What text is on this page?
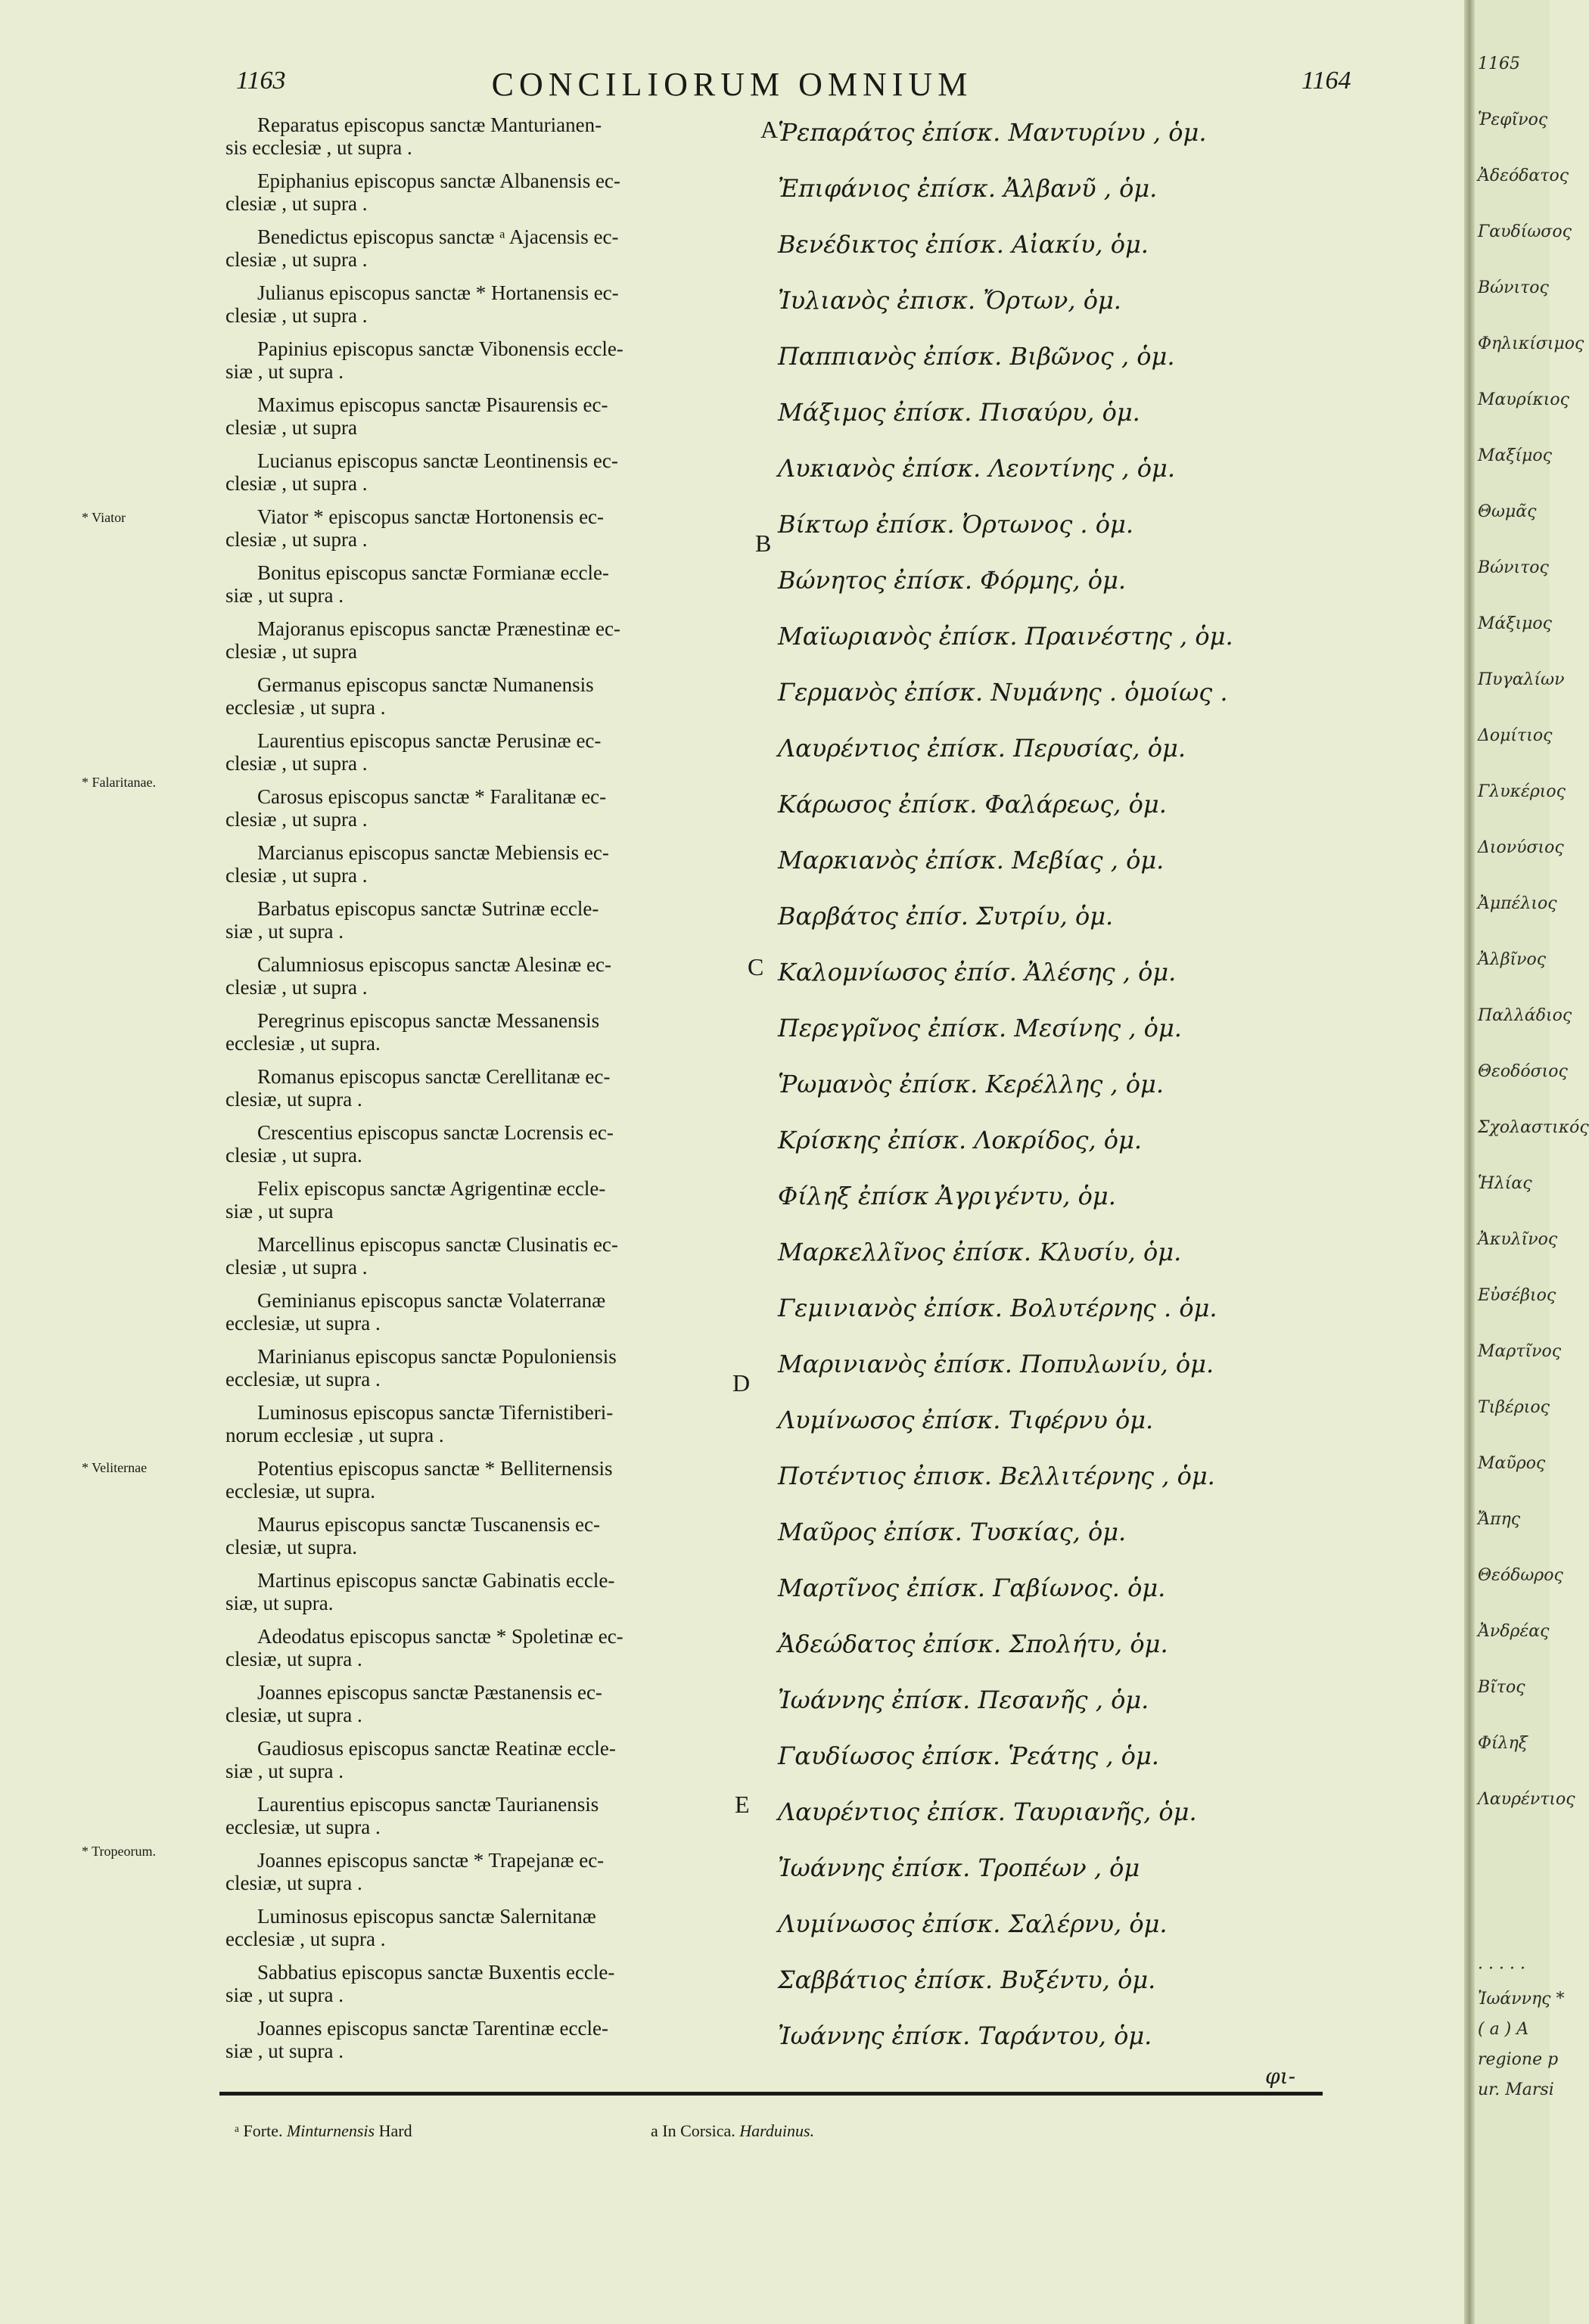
1163	CONCILIORUM OMNIUM	1164
Reparatus episcopus sanctæ Manturianen-
sis ecclesiæ , ut supra .
Ῥεπαράτος ἐπίσκ. Μαντυρίνυ , ὁμ.
Epiphanius episcopus sanctæ Albanensis ec-
clesiæ , ut supra .
Ἐπιφάνιος ἐπίσκ. Ἀλβανῦ , ὁμ.
Benedictus episcopus sanctæ ᵃ Ajacensis ec-
clesiæ , ut supra .
Βενέδικτος ἐπίσκ. Αἰακίυ, ὁμ.
Julianus episcopus sanctæ * Hortanensis ec-
clesiæ , ut supra .
Ἰυλιανὸς ἐπισκ. Ὄρτων, ὁμ.
Papinius episcopus sanctæ Vibonensis eccle-
siæ , ut supra .
Παππιανὸς ἐπίσκ. Βιβῶνος , ὁμ.
Maximus episcopus sanctæ Pisaurensis ec-
clesiæ , ut supra
Μάξιμος ἐπίσκ. Πισαύρυ, ὁμ.
Lucianus episcopus sanctæ Leontinensis ec-
clesiæ , ut supra .
Λυκιανὸς ἐπίσκ. Λεοντίνης , ὁμ.
Viator * episcopus sanctæ Hortonensis ec-
clesiæ , ut supra .
Βίκτωρ ἐπίσκ. Ὀρτωνος . ὁμ.
Bonitus episcopus sanctæ Formianæ eccle-
siæ , ut supra .
Βώνητος ἐπίσκ. Φόρμης, ὁμ.
Majoranus episcopus sanctæ Prænestinæ ec-
clesiæ , ut supra
Μαϊωριανὸς ἐπίσκ. Πραινέστης , ὁμ.
Germanus episcopus sanctæ Numanensis
ecclesiæ , ut supra .
Γερμανὸς ἐπίσκ. Νυμάνης . ὁμοίως .
Laurentius episcopus sanctæ Perusinæ ec-
clesiæ , ut supra .
Λαυρέντιος ἐπίσκ. Περυσίας, ὁμ.
Carosus episcopus sanctæ * Faralitanæ ec-
clesiæ , ut supra .
Κάρωσος ἐπίσκ. Φαλάρεως, ὁμ.
Marcianus episcopus sanctæ Mebiensis ec-
clesiæ , ut supra .
Μαρκιανὸς ἐπίσκ. Μεβίας , ὁμ.
Barbatus episcopus sanctæ Sutrinæ eccle-
siæ , ut supra .
Βαρβάτος ἐπίσ. Συτρίυ, ὁμ.
Calumniosus episcopus sanctæ Alesinæ ec-
clesiæ , ut supra .
Καλομνίωσος ἐπίσ. Ἀλέσης , ὁμ.
Peregrinus episcopus sanctæ Messanensis
ecclesiæ , ut supra.
Περεγρῖνος ἐπίσκ. Μεσίνης , ὁμ.
Romanus episcopus sanctæ Cerellitanæ ec-
clesiæ, ut supra .
Ῥωμανὸς ἐπίσκ. Κερέλλης , ὁμ.
Crescentius episcopus sanctæ Locrensis ec-
clesiæ , ut supra.
Κρίσκης ἐπίσκ. Λοκρίδος, ὁμ.
Felix episcopus sanctæ Agrigentinæ eccle-
siæ , ut supra
Φίληξ ἐπίσκ Ἀγριγέντυ, ὁμ.
Marcellinus episcopus sanctæ Clusinatis ec-
clesiæ , ut supra .
Μαρκελλῖνος ἐπίσκ. Κλυσίυ, ὁμ.
Geminianus episcopus sanctæ Volaterranæ
ecclesiæ, ut supra .
Γεμινιανὸς ἐπίσκ. Βολυτέρνης . ὁμ.
Marinianus episcopus sanctæ Populoniensis
ecclesiæ, ut supra .
Μαρινιανὸς ἐπίσκ. Ποπυλωνίυ, ὁμ.
Luminosus episcopus sanctæ Tifernistiberi-
norum ecclesiæ , ut supra .
Λυμίνωσος ἐπίσκ. Τιφέρνυ ὁμ.
Potentius episcopus sanctæ * Belliternensis
ecclesiæ, ut supra.
Ποτέντιος ἐπισκ. Βελλιτέρνης , ὁμ.
Maurus episcopus sanctæ Tuscanensis ec-
clesiæ, ut supra.
Μαῦρος ἐπίσκ. Τυσκίας, ὁμ.
Martinus episcopus sanctæ Gabinatis eccle-
siæ, ut supra.
Μαρτῖνος ἐπίσκ. Γαβίωνος. ὁμ.
Adeodatus episcopus sanctæ * Spoletinæ ec-
clesiæ, ut supra .
Ἀδεώδατος ἐπίσκ. Σπολήτυ, ὁμ.
Joannes episcopus sanctæ Pæstanensis ec-
clesiæ, ut supra .
Ἰωάννης ἐπίσκ. Πεσανῆς , ὁμ.
Gaudiosus episcopus sanctæ Reatinæ eccle-
siæ , ut supra .
Γαυδίωσος ἐπίσκ. Ῥεάτης , ὁμ.
Laurentius episcopus sanctæ Taurianensis
ecclesiæ, ut supra .
Λαυρέντιος ἐπίσκ. Ταυριανῆς, ὁμ.
Joannes episcopus sanctæ * Trapejanæ ec-
clesiæ, ut supra .
Ἰωάννης ἐπίσκ. Τροπέων , ὁμ
Luminosus episcopus sanctæ Salernitanæ
ecclesiæ , ut supra .
Λυμίνωσος ἐπίσκ. Σαλέρνυ, ὁμ.
Sabbatius episcopus sanctæ Buxentis eccle-
siæ , ut supra .
Σαββάτιος ἐπίσκ. Βυξέντυ, ὁμ.
Joannes episcopus sanctæ Tarentinæ eccle-
siæ , ut supra .
Ἰωάννης ἐπίσκ. Ταράντου, ὁμ.
* Viator
* Falaritanae.
* Veliternae
* Tropeorum.
A
B
C
D
E
φι-
ᵃ Forte. Minturnensis Hard	a In Corsica. Harduinus.
1165
Ῥεφῖνος
Ἀδεόδατος
Γαυδίωσος
Βώνιτος
Φηλικίσιμος
Μαυρίκιος
Μαξίμος
Θωμᾶς
Βώνιτος
Μάξιμος
Πυγαλίων
Δομίτιος
Γλυκέριος
Διονύσιος
Ἀμπέλιος
Ἀλβῖνος
Παλλάδιος
Θεοδόσιος
Σχολαστικός
Ἡλίας
Ἀκυλῖνος
Εὐσέβιος
Μαρτῖνος
Τιβέριος
Μαῦρος
Ἄπης
Θεόδωρος
Ἀνδρέας
Βῖτος
Φίληξ
Λαυρέντιος
· · · · ·
Ἰωάννης *
( a ) A
regione p
ur. Marsi
